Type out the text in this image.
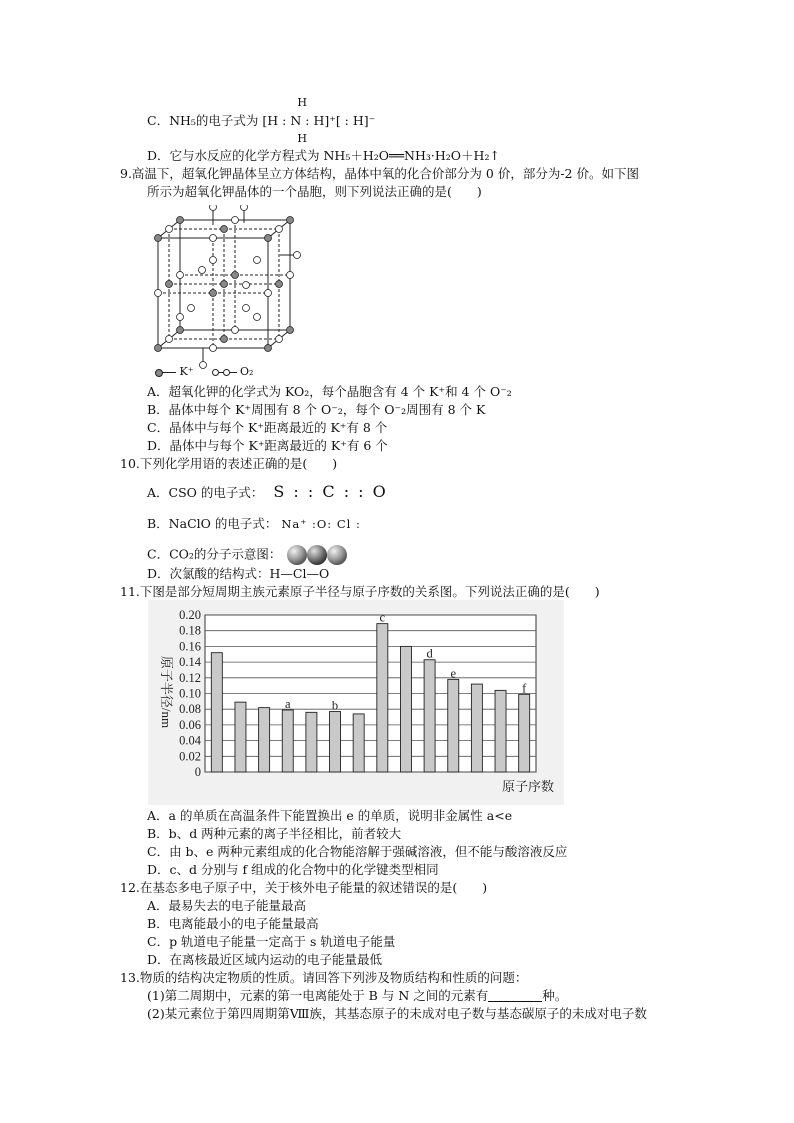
C．NH₅的电子式为
H
[H : N : H]⁺[ : H]⁻
H
D．它与水反应的化学方程式为 NH₅＋H₂O══NH₃·H₂O＋H₂↑
9.高温下，超氧化钾晶体呈立方体结构，晶体中氧的化合价部分为 0 价，部分为-2 价。如下图
所示为超氧化钾晶体的一个晶胞，则下列说法正确的是(　　)
K⁺	O₂
A．超氧化钾的化学式为 KO₂，每个晶胞含有 4 个 K⁺和 4 个 O⁻₂
B．晶体中每个 K⁺周围有 8 个 O⁻₂，每个 O⁻₂周围有 8 个 K
C．晶体中与每个 K⁺距离最近的 K⁺有 8 个
D．晶体中与每个 K⁺距离最近的 K⁺有 6 个
10.下列化学用语的表述正确的是(　　)
A．CSO 的电子式： S : : C : : O
B．NaClO 的电子式： Na⁺ :O: Cl :
C．CO₂的分子示意图：
D．次氯酸的结构式：H—Cl—O
11.下图是部分短周期主族元素原子半径与原子序数的关系图。下列说法正确的是(　　)
0
0.02
0.04
0.06
0.08
0.10
0.12
0.14
0.16
0.18
0.20
a	b
c
d
e
f
原子半径/nm
原子序数
A．a 的单质在高温条件下能置换出 e 的单质，说明非金属性 a<e
B．b、d 两种元素的离子半径相比，前者较大
C．由 b、e 两种元素组成的化合物能溶解于强碱溶液，但不能与酸溶液反应
D．c、d 分别与 f 组成的化合物中的化学键类型相同
12.在基态多电子原子中，关于核外电子能量的叙述错误的是(　　)
A．最易失去的电子能量最高
B．电离能最小的电子能量最高
C．p 轨道电子能量一定高于 s 轨道电子能量
D．在离核最近区域内运动的电子能量最低
13.物质的结构决定物质的性质。请回答下列涉及物质结构和性质的问题：
(1)第二周期中，元素的第一电离能处于 B 与 N 之间的元素有	种。
(2)某元素位于第四周期第Ⅷ族，其基态原子的未成对电子数与基态碳原子的未成对电子数
